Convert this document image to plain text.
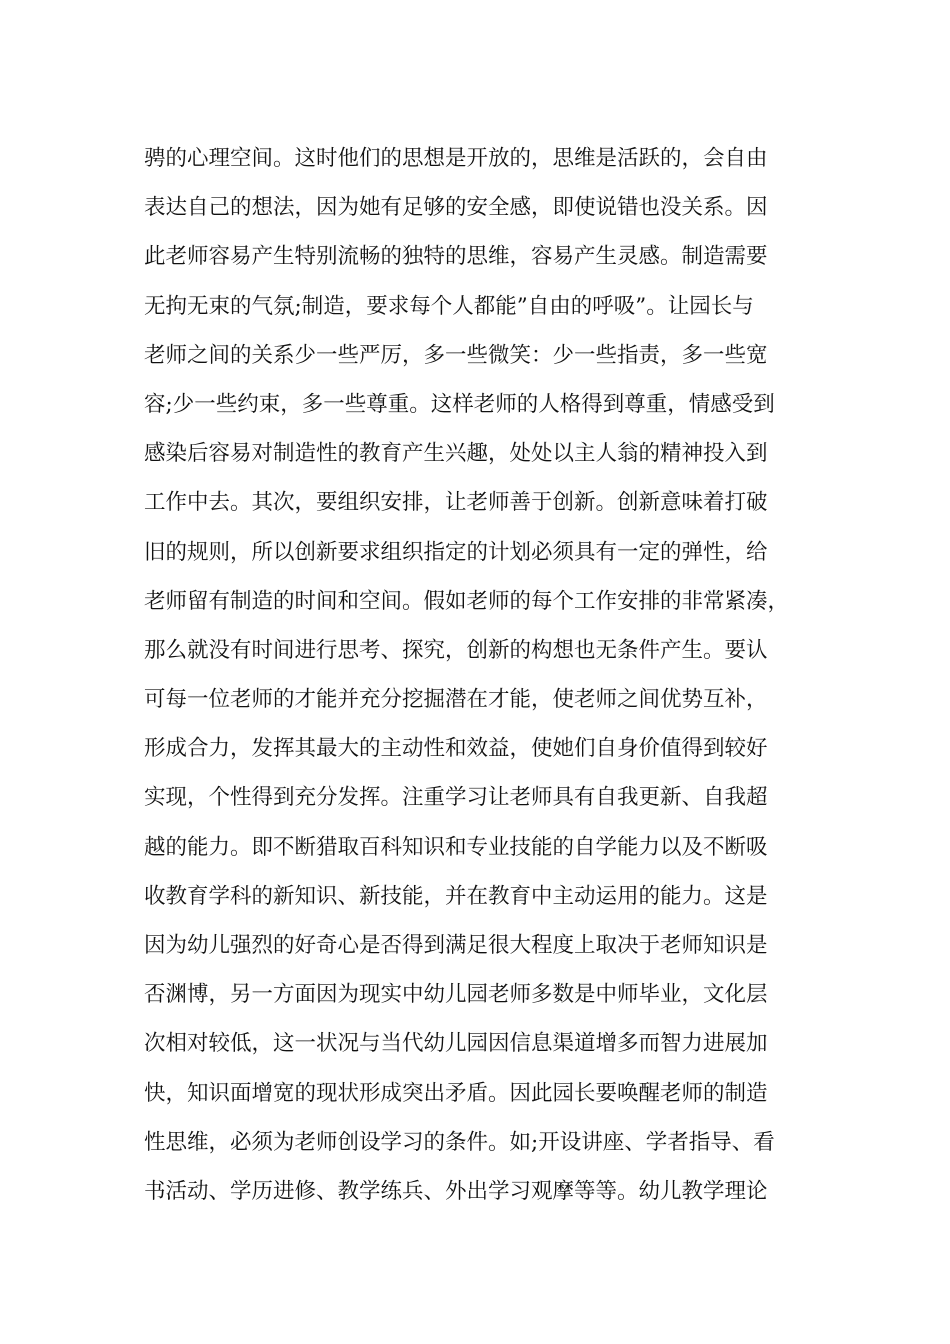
骋的心理空间。这时他们的思想是开放的，思维是活跃的，会自由
表达自己的想法，因为她有足够的安全感，即使说错也没关系。因
此老师容易产生特别流畅的独特的思维，容易产生灵感。制造需要
无拘无束的气氛;制造，要求每个人都能”自由的呼吸”。让园长与
老师之间的关系少一些严厉，多一些微笑：少一些指责，多一些宽
容;少一些约束，多一些尊重。这样老师的人格得到尊重，情感受到
感染后容易对制造性的教育产生兴趣，处处以主人翁的精神投入到
工作中去。其次，要组织安排，让老师善于创新。创新意味着打破
旧的规则，所以创新要求组织指定的计划必须具有一定的弹性，给
老师留有制造的时间和空间。假如老师的每个工作安排的非常紧凑，
那么就没有时间进行思考、探究，创新的构想也无条件产生。要认
可每一位老师的才能并充分挖掘潜在才能，使老师之间优势互补，
形成合力，发挥其最大的主动性和效益，使她们自身价值得到较好
实现，个性得到充分发挥。注重学习让老师具有自我更新、自我超
越的能力。即不断猎取百科知识和专业技能的自学能力以及不断吸
收教育学科的新知识、新技能，并在教育中主动运用的能力。这是
因为幼儿强烈的好奇心是否得到满足很大程度上取决于老师知识是
否渊博，另一方面因为现实中幼儿园老师多数是中师毕业，文化层
次相对较低，这一状况与当代幼儿园因信息渠道增多而智力进展加
快，知识面增宽的现状形成突出矛盾。因此园长要唤醒老师的制造
性思维，必须为老师创设学习的条件。如;开设讲座、学者指导、看
书活动、学历进修、教学练兵、外出学习观摩等等。幼儿教学理论
